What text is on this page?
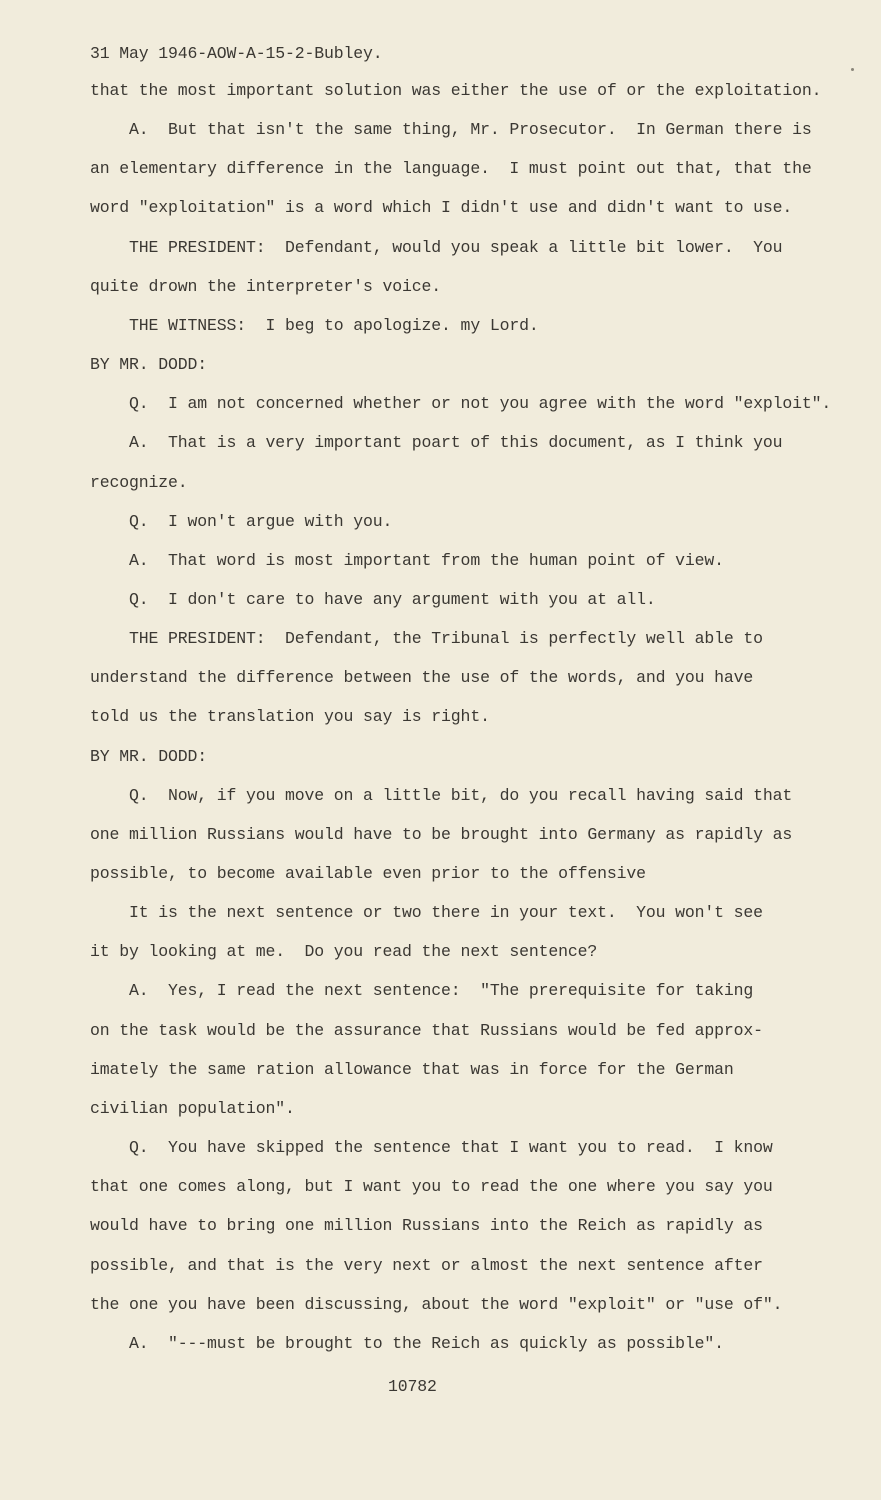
31 May 1946-AOW-A-15-2-Bubley.
that the most important solution was either the use of or the exploitation.
A.  But that isn't the same thing, Mr. Prosecutor.  In German there is
an elementary difference in the language.  I must point out that, that the
word "exploitation" is a word which I didn't use and didn't want to use.
THE PRESIDENT:  Defendant, would you speak a little bit lower.  You
quite drown the interpreter's voice.
THE WITNESS:  I beg to apologize. my Lord.
BY MR. DODD:
Q.  I am not concerned whether or not you agree with the word "exploit".
A.  That is a very important poart of this document, as I think you
recognize.
Q.  I won't argue with you.
A.  That word is most important from the human point of view.
Q.  I don't care to have any argument with you at all.
THE PRESIDENT:  Defendant, the Tribunal is perfectly well able to
understand the difference between the use of the words, and you have
told us the translation you say is right.
BY MR. DODD:
Q.  Now, if you move on a little bit, do you recall having said that
one million Russians would have to be brought into Germany as rapidly as
possible, to become available even prior to the offensive
It is the next sentence or two there in your text.  You won't see
it by looking at me.  Do you read the next sentence?
A.  Yes, I read the next sentence:  "The prerequisite for taking
on the task would be the assurance that Russians would be fed approx-
imately the same ration allowance that was in force for the German
civilian population".
Q.  You have skipped the sentence that I want you to read.  I know
that one comes along, but I want you to read the one where you say you
would have to bring one million Russians into the Reich as rapidly as
possible, and that is the very next or almost the next sentence after
the one you have been discussing, about the word "exploit" or "use of".
A.  "---must be brought to the Reich as quickly as possible".
10782
